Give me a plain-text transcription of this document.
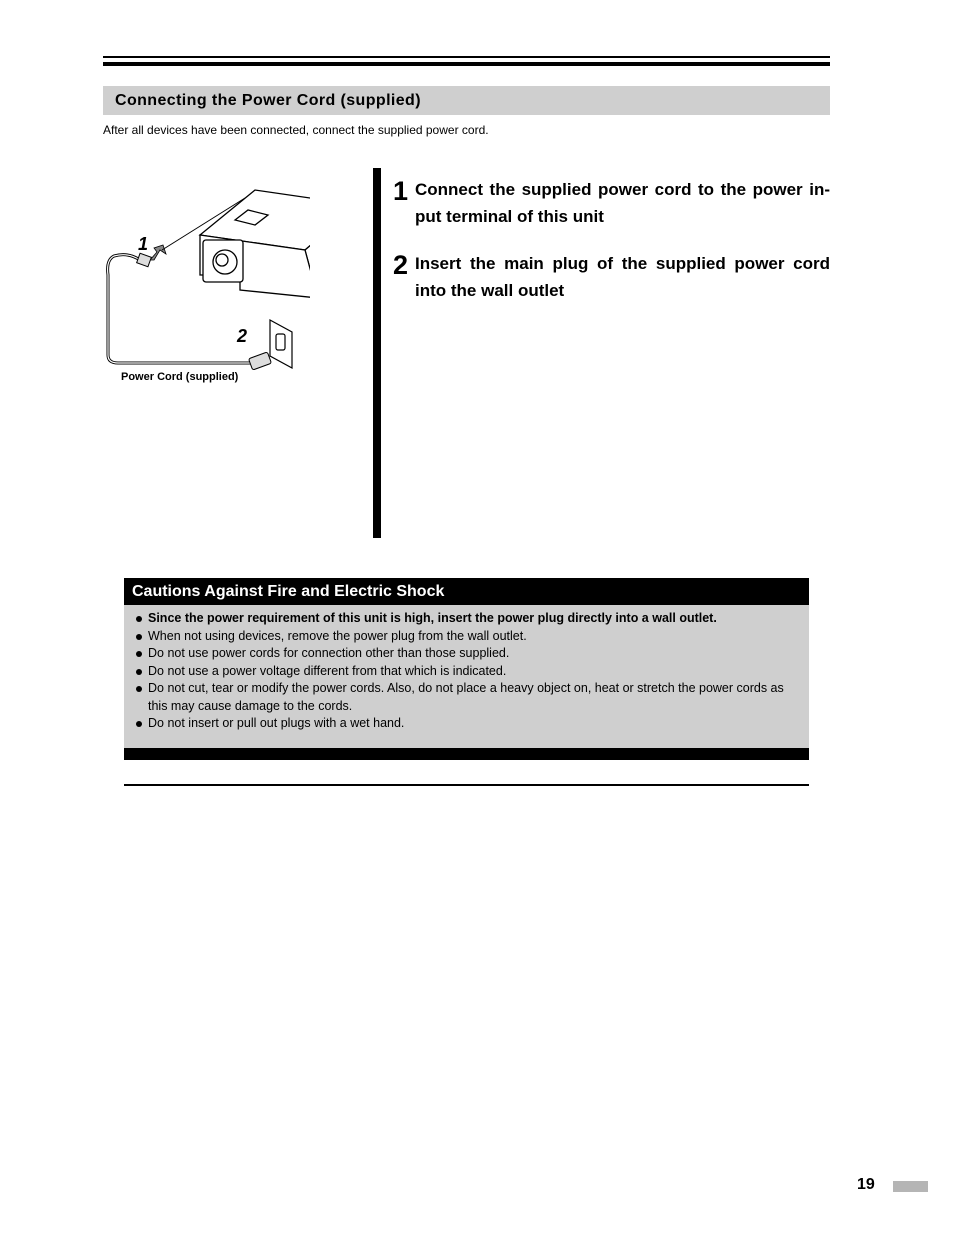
Connecting the Power Cord (supplied)
After all devices have been connected, connect the supplied power cord.
1
2
Power Cord (supplied)
1 Connect the supplied power cord to the power in-put terminal of this unit
2 Insert the main plug of the supplied power cord into the wall outlet
Cautions Against Fire and Electric Shock
Since the power requirement of this unit is high, insert the power plug directly into a wall outlet.
When not using devices, remove the power plug from the wall outlet.
Do not use power cords for connection other than those supplied.
Do not use a power voltage different from that which is indicated.
Do not cut, tear or modify the power cords. Also, do not place a heavy object on, heat or stretch the power cords as this may cause damage to the cords.
Do not insert or pull out plugs with a wet hand.
19
